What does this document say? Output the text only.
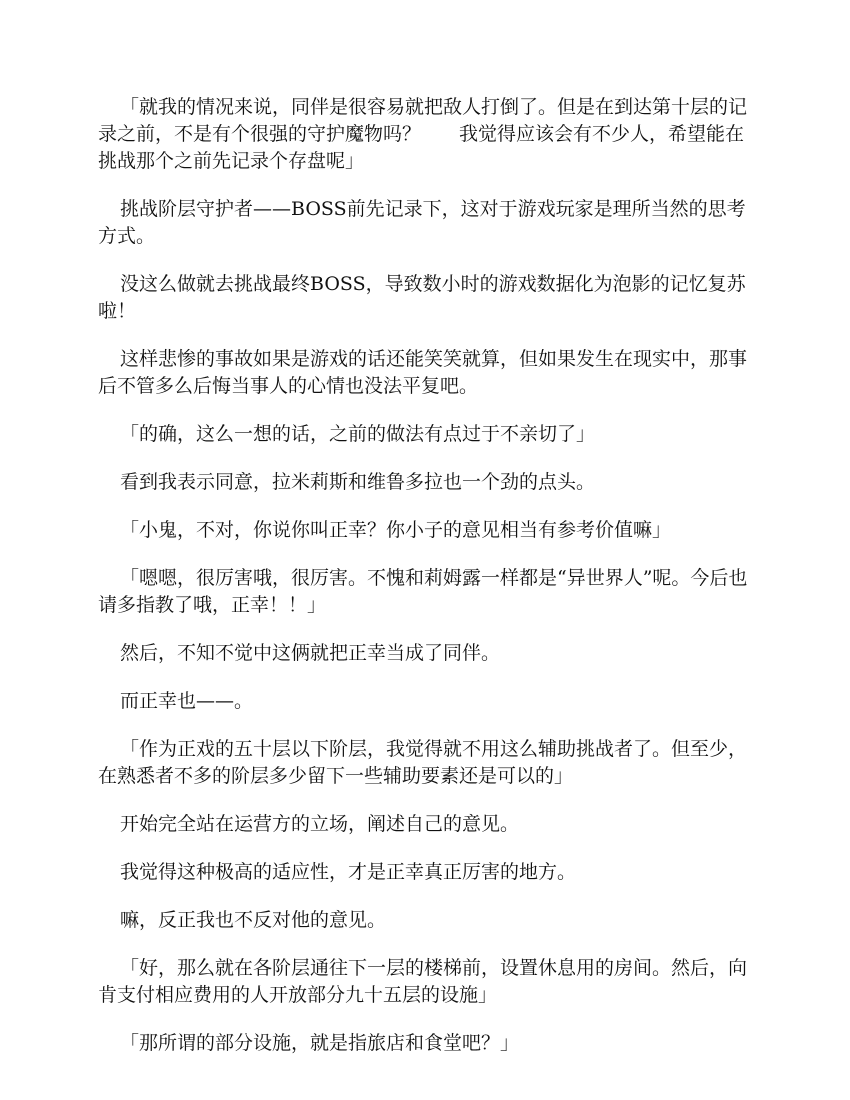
「就我的情况来说，同伴是很容易就把敌人打倒了。但是在到达第十层的记录之前，不是有个很强的守护魔物吗？　　我觉得应该会有不少人，希望能在挑战那个之前先记录个存盘呢」

挑战阶层守护者——BOSS前先记录下，这对于游戏玩家是理所当然的思考方式。

没这么做就去挑战最终BOSS，导致数小时的游戏数据化为泡影的记忆复苏啦！

这样悲惨的事故如果是游戏的话还能笑笑就算，但如果发生在现实中，那事后不管多么后悔当事人的心情也没法平复吧。

「的确，这么一想的话，之前的做法有点过于不亲切了」

看到我表示同意，拉米莉斯和维鲁多拉也一个劲的点头。

「小鬼，不对，你说你叫正幸？你小子的意见相当有参考价值嘛」

「嗯嗯，很厉害哦，很厉害。不愧和莉姆露一样都是“异世界人”呢。今后也请多指教了哦，正幸！！」

然后，不知不觉中这俩就把正幸当成了同伴。

而正幸也——。

「作为正戏的五十层以下阶层，我觉得就不用这么辅助挑战者了。但至少，在熟悉者不多的阶层多少留下一些辅助要素还是可以的」

开始完全站在运营方的立场，阐述自己的意见。

我觉得这种极高的适应性，才是正幸真正厉害的地方。

嘛，反正我也不反对他的意见。

「好，那么就在各阶层通往下一层的楼梯前，设置休息用的房间。然后，向肯支付相应费用的人开放部分九十五层的设施」

「那所谓的部分设施，就是指旅店和食堂吧？」
